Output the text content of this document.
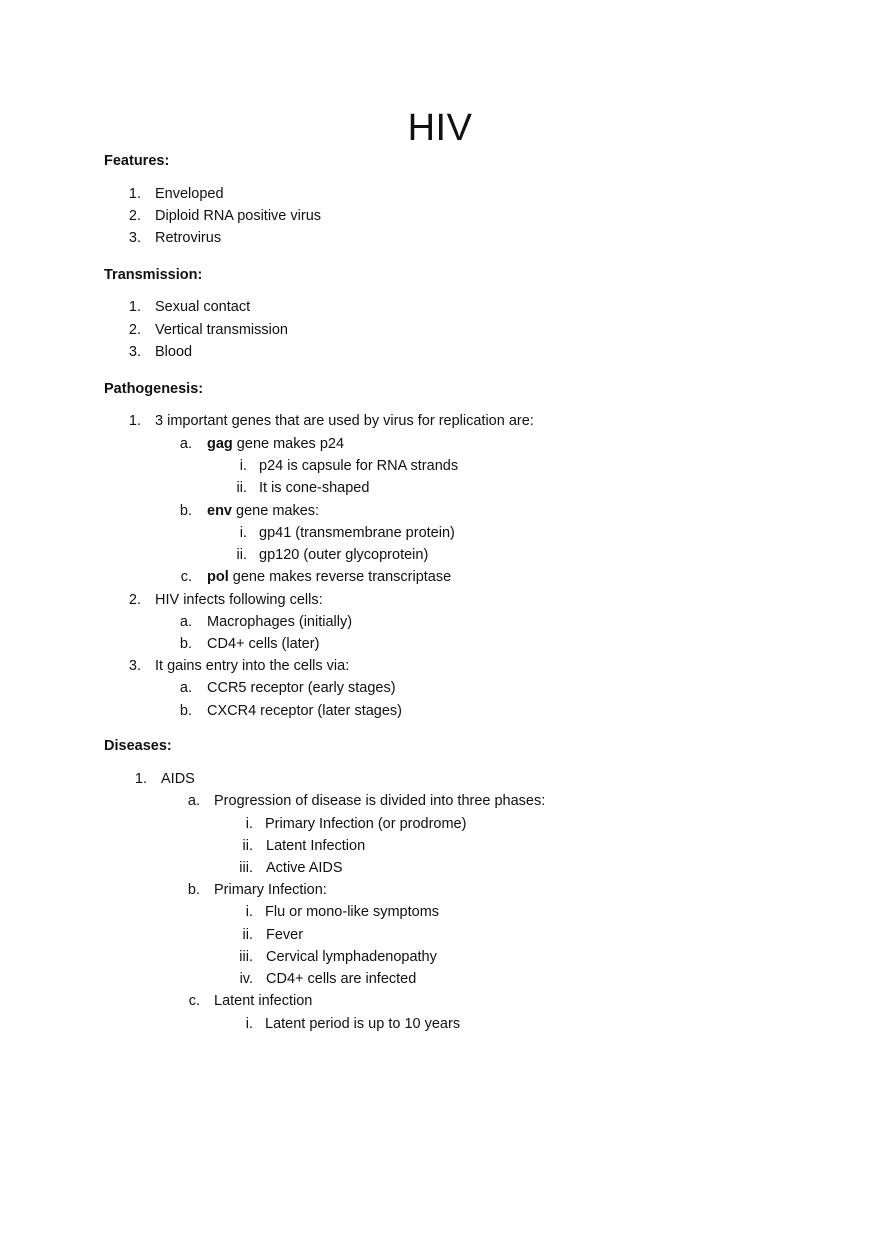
HIV
Features:
1. Enveloped
2. Diploid RNA positive virus
3. Retrovirus
Transmission:
1. Sexual contact
2. Vertical transmission
3. Blood
Pathogenesis:
1. 3 important genes that are used by virus for replication are:
a. gag gene makes p24
i. p24 is capsule for RNA strands
ii. It is cone-shaped
b. env gene makes:
i. gp41 (transmembrane protein)
ii. gp120 (outer glycoprotein)
c. pol gene makes reverse transcriptase
2. HIV infects following cells:
a. Macrophages (initially)
b. CD4+ cells (later)
3. It gains entry into the cells via:
a. CCR5 receptor (early stages)
b. CXCR4 receptor (later stages)
Diseases:
1. AIDS
a. Progression of disease is divided into three phases:
i. Primary Infection (or prodrome)
ii. Latent Infection
iii. Active AIDS
b. Primary Infection:
i. Flu or mono-like symptoms
ii. Fever
iii. Cervical lymphadenopathy
iv. CD4+ cells are infected
c. Latent infection
i. Latent period is up to 10 years
